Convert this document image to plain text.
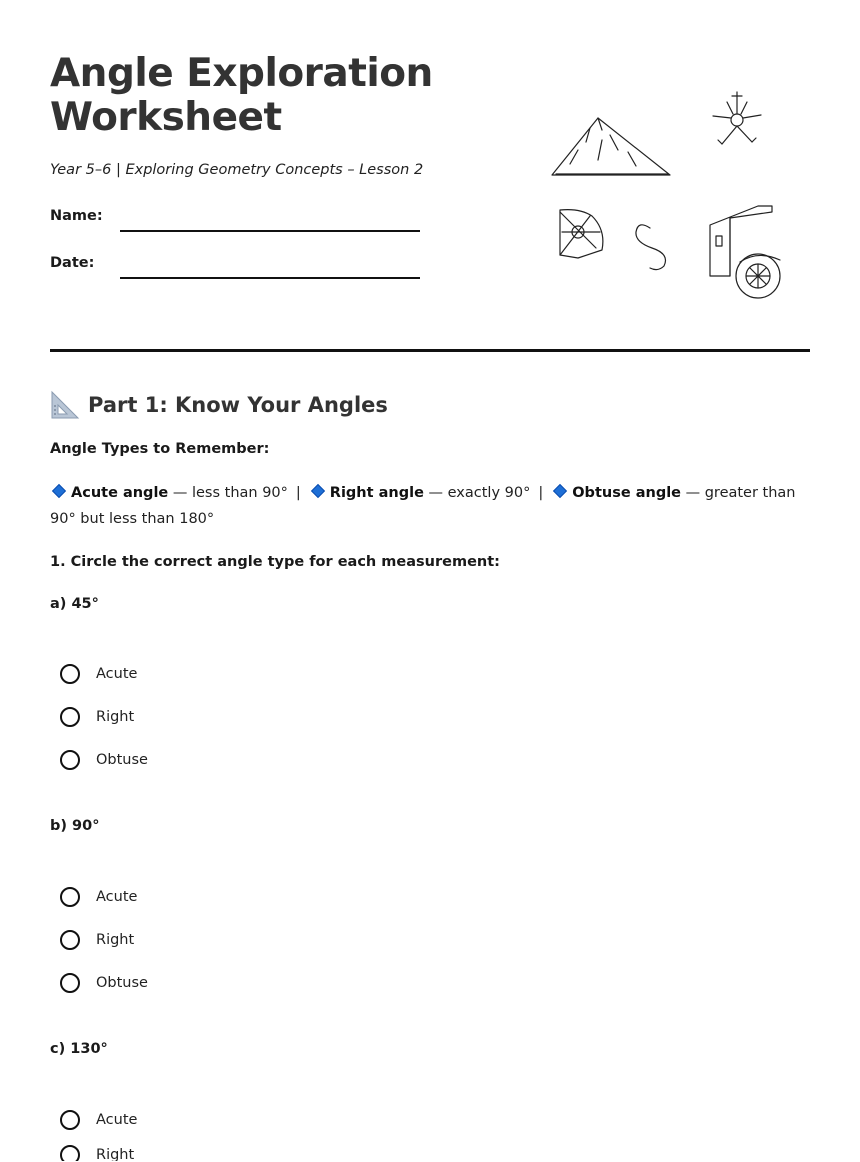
Angle Exploration Worksheet

Year 5–6 | Exploring Geometry Concepts – Lesson 2

Name:
Date:
Part 1: Know Your Angles

Angle Types to Remember:

Acute angle — less than 90° | Right angle — exactly 90° | Obtuse angle — greater than 90° but less than 180°

1. Circle the correct angle type for each measurement:

a) 45°

Acute
Right
Obtuse

b) 90°

Acute
Right
Obtuse

c) 130°

Acute
Right
